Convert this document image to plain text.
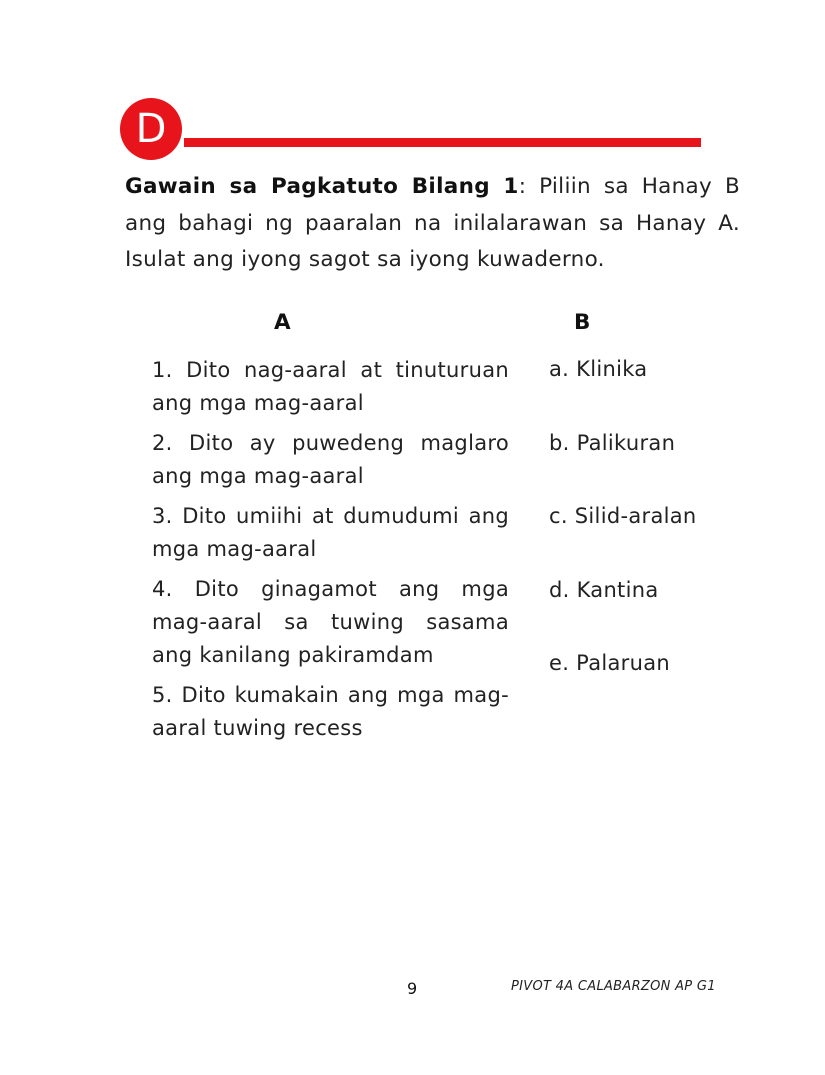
D

Gawain sa Pagkatuto Bilang 1: Piliin sa Hanay B ang bahagi ng paaralan na inilalarawan sa Hanay A. Isulat ang iyong sagot sa iyong kuwaderno.

A	B

1. Dito nag-aaral at tinuturuan ang mga mag-aaral

2. Dito ay puwedeng maglaro ang mga mag-aaral

3. Dito umiihi at dumudumi ang mga mag-aaral

4. Dito ginagamot ang mga mag-aaral sa tuwing sasama ang kanilang pakiramdam

5. Dito kumakain ang mga mag-aaral tuwing recess

a. Klinika
b. Palikuran
c. Silid-aralan
d. Kantina
e. Palaruan
9	PIVOT 4A CALABARZON AP G1
